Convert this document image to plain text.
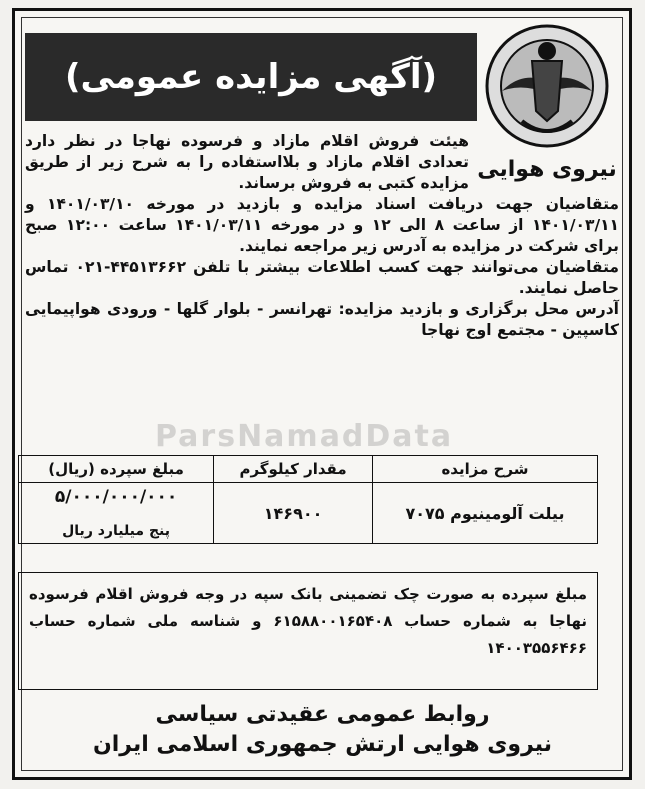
نیروی هوایی
(آگهی مزایده عمومی)

هیئت فروش اقلام مازاد و فرسوده نهاجا در نظر دارد تعدادی اقلام مازاد و بلااستفاده را به شرح زیر از طریق مزایده کتبی به فروش برساند.

متقاضیان جهت دریافت اسناد مزایده و بازدید در مورخه ۱۴۰۱/۰۳/۱۰ و ۱۴۰۱/۰۳/۱۱ از ساعت ۸ الی ۱۲ و در مورخه ۱۴۰۱/۰۳/۱۱ ساعت ۱۲:۰۰ صبح برای شرکت در مزایده به آدرس زیر مراجعه نمایند.

متقاضیان می‌توانند جهت کسب اطلاعات بیشتر با تلفن ۴۴۵۱۳۶۶۲-۰۲۱ تماس حاصل نمایند.

آدرس محل برگزاری و بازدید مزایده: تهرانسر - بلوار گلها - ورودی هواپیمایی کاسپین - مجتمع اوج نهاجا

ParsNamadData
شرح مزایده	مقدار کیلوگرم	مبلغ سپرده (ریال)
بیلت آلومینیوم ۷۰۷۵	۱۴۶۹۰۰	۵/۰۰۰/۰۰۰/۰۰۰
پنج میلیارد ریال
مبلغ سپرده به صورت چک تضمینی بانک سپه در وجه فروش اقلام فرسوده نهاجا به شماره حساب ۶۱۵۸۸۰۰۱۶۵۴۰۸ و شناسه ملی شماره حساب ۱۴۰۰۳۵۵۶۴۶۶
روابط عمومی عقیدتی سیاسی
نیروی هوایی ارتش جمهوری اسلامی ایران
